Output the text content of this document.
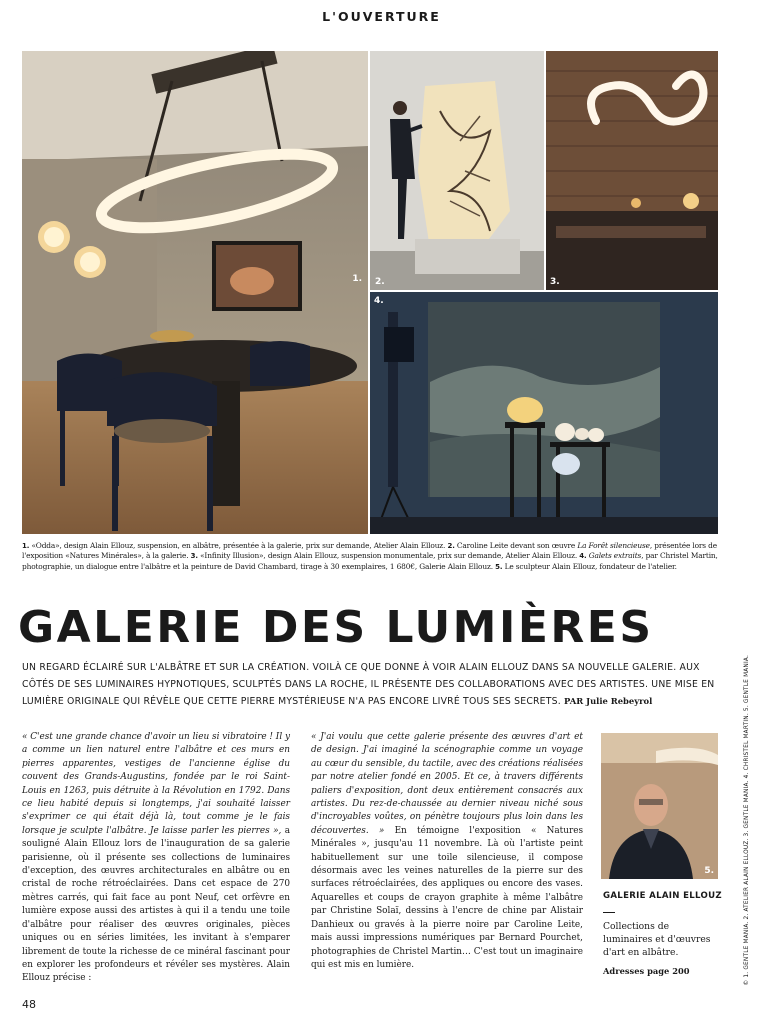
L'OUVERTURE
1. 2.	3.
4.
1. «Odda», design Alain Ellouz, suspension, en albâtre, présentée à la galerie, prix sur demande, Atelier Alain Ellouz. 2. Caroline Leite devant son œuvre La Forêt silencieuse, présentée lors de l'exposition «Natures Minérales», à la galerie. 3. «Infinity Illusion», design Alain Ellouz, suspension monumentale, prix sur demande, Atelier Alain Ellouz. 4. Galets extraits, par Christel Martin, photographie, un dialogue entre l'albâtre et la peinture de David Chambard, tirage à 30 exemplaires, 1 680€, Galerie Alain Ellouz. 5. Le sculpteur Alain Ellouz, fondateur de l'atelier.
GALERIE DES LUMIÈRES
UN REGARD ÉCLAIRÉ SUR L'ALBÂTRE ET SUR LA CRÉATION. VOILÀ CE QUE DONNE À VOIR ALAIN ELLOUZ DANS SA NOUVELLE GALERIE. AUX CÔTÉS DE SES LUMINAIRES HYPNOTIQUES, SCULPTÉS DANS LA ROCHE, IL PRÉSENTE DES COLLABORATIONS AVEC DES ARTISTES. UNE MISE EN LUMIÈRE ORIGINALE QUI RÉVÈLE QUE CETTE PIERRE MYSTÉRIEUSE N'A PAS ENCORE LIVRÉ TOUS SES SECRETS. PAR Julie Rebeyrol

« C'est une grande chance d'avoir un lieu si vibratoire ! Il y a comme un lien naturel entre l'albâtre et ces murs en pierres apparentes, vestiges de l'ancienne église du couvent des Grands-Augustins, fondée par le roi Saint-Louis en 1263, puis détruite à la Révolution en 1792. Dans ce lieu habité depuis si longtemps, j'ai souhaité laisser s'exprimer ce qui était déjà là, tout comme je le fais lorsque je sculpte l'albâtre. Je laisse parler les pierres », a souligné Alain Ellouz lors de l'inauguration de sa galerie parisienne, où il présente ses collections de luminaires d'exception, des œuvres architecturales en albâtre ou en cristal de roche rétroéclairées. Dans cet espace de 270 mètres carrés, qui fait face au pont Neuf, cet orfèvre en lumière expose aussi des artistes à qui il a tendu une toile d'albâtre pour réaliser des œuvres originales, pièces uniques ou en séries limitées, les invitant à s'emparer librement de toute la richesse de ce minéral fascinant pour en explorer les profondeurs et révéler ses mystères. Alain Ellouz précise :

« J'ai voulu que cette galerie présente des œuvres d'art et de design. J'ai imaginé la scénographie comme un voyage au cœur du sensible, du tactile, avec des créations réalisées par notre atelier fondé en 2005. Et ce, à travers différents paliers d'exposition, dont deux entièrement consacrés aux artistes. Du rez-de-chaussée au dernier niveau niché sous d'incroyables voûtes, on pénètre toujours plus loin dans les découvertes. » En témoigne l'exposition « Natures Minérales », jusqu'au 11 novembre. Là où l'artiste peint habituellement sur une toile silencieuse, il compose désormais avec les veines naturelles de la pierre sur des surfaces rétroéclairées, des appliques ou encore des vases. Aquarelles et coups de crayon graphite à même l'albâtre par Christine Solaï, dessins à l'encre de chine par Alistair Danhieux ou gravés à la pierre noire par Caroline Leite, mais aussi impressions numériques par Bernard Pourchet, photographies de Christel Martin… C'est tout un imaginaire qui est mis en lumière.

5.
GALERIE ALAIN ELLOUZ
Collections de luminaires et d'œuvres d'art en albâtre.
Adresses page 200	© 1. GENTLE MANIA. 2. ATELIER ALAIN ELLOUZ. 3. GENTLE MANIA. 4. CHRISTEL MARTIN. 5. GENTLE MANIA.
48
